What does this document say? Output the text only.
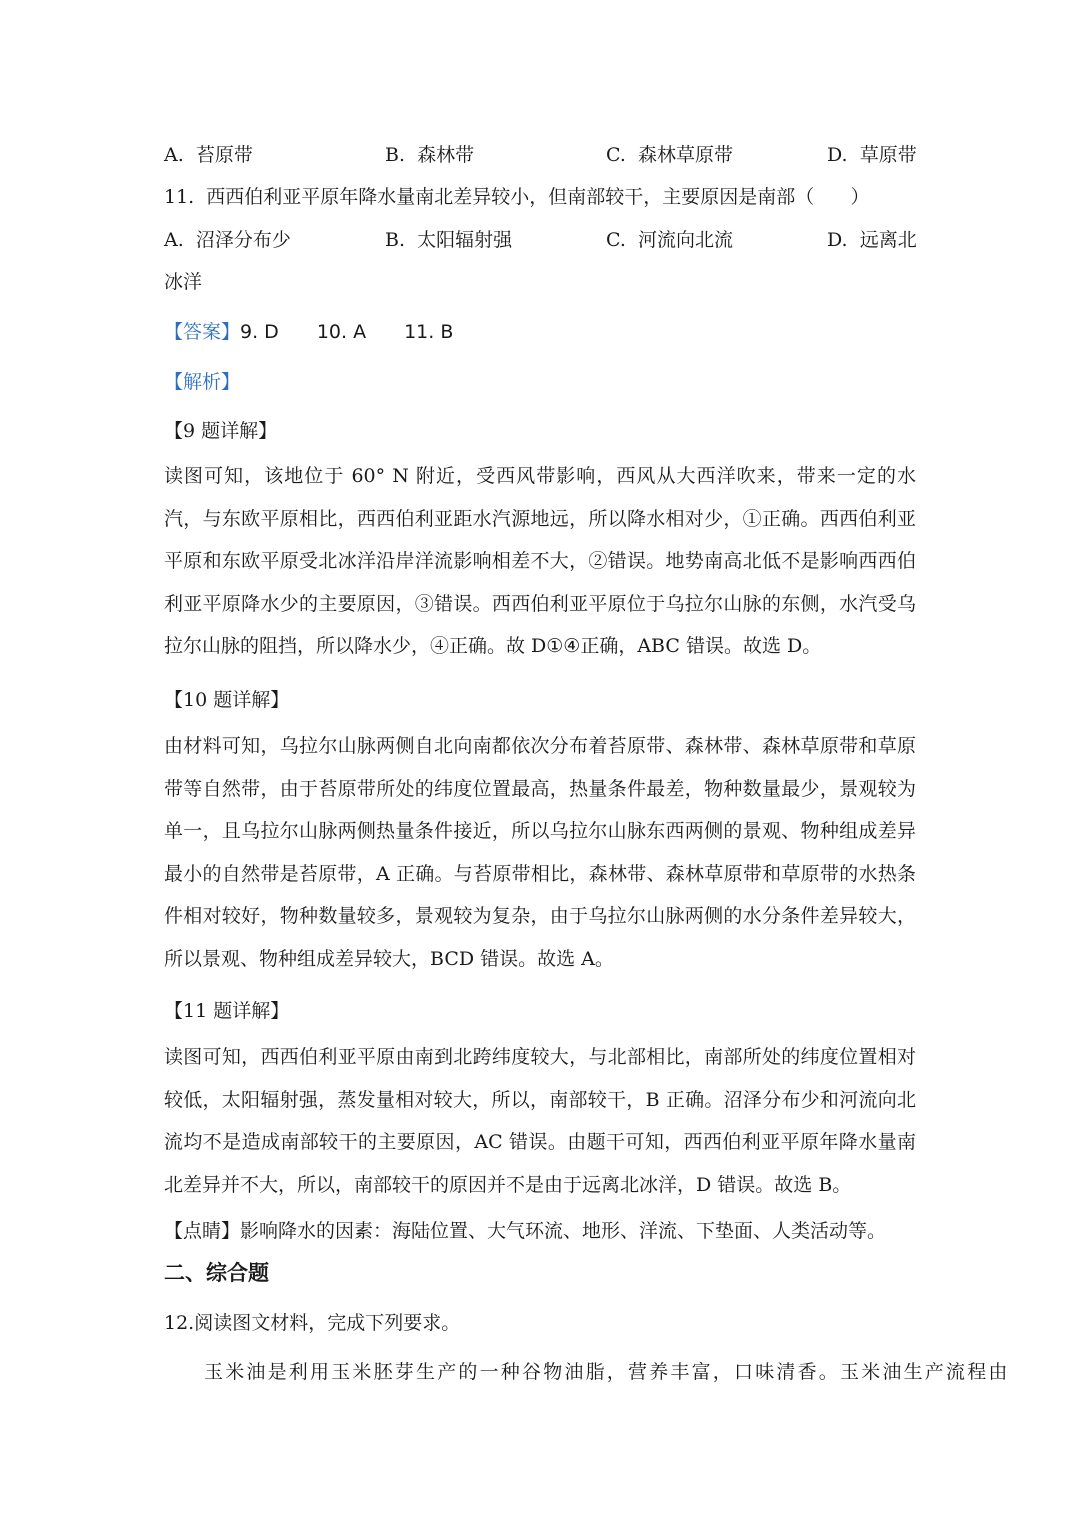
A. 苔原带	B. 森林带	C. 森林草原带	D. 草原带
11.  西西伯利亚平原年降水量南北差异较小，但南部较干，主要原因是南部（      ）
A. 沼泽分布少	B. 太阳辐射强	C. 河流向北流	D. 远离北
冰洋
【答案】9. D 10. A 11. B
【解析】
【9 题详解】
读图可知，该地位于 60° N 附近，受西风带影响，西风从大西洋吹来，带来一定的水汽，与东欧平原相比，西西伯利亚距水汽源地远，所以降水相对少，①正确。西西伯利亚平原和东欧平原受北冰洋沿岸洋流影响相差不大，②错误。地势南高北低不是影响西西伯利亚平原降水少的主要原因，③错误。西西伯利亚平原位于乌拉尔山脉的东侧，水汽受乌拉尔山脉的阻挡，所以降水少，④正确。故 D①④正确，ABC 错误。故选 D。
【10 题详解】
由材料可知，乌拉尔山脉两侧自北向南都依次分布着苔原带、森林带、森林草原带和草原带等自然带，由于苔原带所处的纬度位置最高，热量条件最差，物种数量最少，景观较为单一，且乌拉尔山脉两侧热量条件接近，所以乌拉尔山脉东西两侧的景观、物种组成差异最小的自然带是苔原带，A 正确。与苔原带相比，森林带、森林草原带和草原带的水热条件相对较好，物种数量较多，景观较为复杂，由于乌拉尔山脉两侧的水分条件差异较大，所以景观、物种组成差异较大，BCD 错误。故选 A。
【11 题详解】
读图可知，西西伯利亚平原由南到北跨纬度较大，与北部相比，南部所处的纬度位置相对较低，太阳辐射强，蒸发量相对较大，所以，南部较干，B 正确。沼泽分布少和河流向北流均不是造成南部较干的主要原因，AC 错误。由题干可知，西西伯利亚平原年降水量南北差异并不大，所以，南部较干的原因并不是由于远离北冰洋，D 错误。故选 B。
【点睛】影响降水的因素：海陆位置、大气环流、地形、洋流、下垫面、人类活动等。
二、综合题
12.阅读图文材料，完成下列要求。
玉米油是利用玉米胚芽生产的一种谷物油脂，营养丰富，口味清香。玉米油生产流程由
